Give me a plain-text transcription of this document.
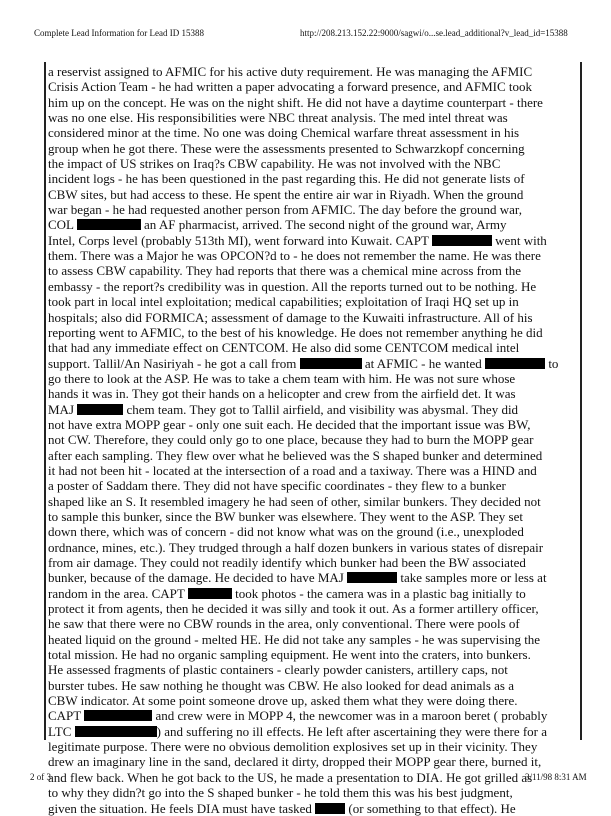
Complete Lead Information for Lead ID 15388	http://208.213.152.22:9000/sagwi/o...se.lead_additional?v_lead_id=15388
a reservist assigned to AFMIC for his active duty requirement. He was managing the AFMIC
Crisis Action Team - he had written a paper advocating a forward presence, and AFMIC took
him up on the concept. He was on the night shift. He did not have a daytime counterpart - there
was no one else. His responsibilities were NBC threat analysis. The med intel threat was
considered minor at the time. No one was doing Chemical warfare threat assessment in his
group when he got there. These were the assessments presented to Schwarzkopf concerning
the impact of US strikes on Iraq?s CBW capability. He was not involved with the NBC
incident logs - he has been questioned in the past regarding this. He did not generate lists of
CBW sites, but had access to these. He spent the entire air war in Riyadh. When the ground
war began - he had requested another person from AFMIC. The day before the ground war,
COL	an AF pharmacist, arrived. The second night of the ground war, Army
Intel, Corps level (probably 513th MI), went forward into Kuwait. CAPT	went with
them. There was a Major he was OPCON?d to - he does not remember the name. He was there
to assess CBW capability. They had reports that there was a chemical mine across from the
embassy - the report?s credibility was in question. All the reports turned out to be nothing. He
took part in local intel exploitation; medical capabilities; exploitation of Iraqi HQ set up in
hospitals; also did FORMICA; assessment of damage to the Kuwaiti infrastructure. All of his
reporting went to AFMIC, to the best of his knowledge. He does not remember anything he did
that had any immediate effect on CENTCOM. He also did some CENTCOM medical intel
support. Tallil/An Nasiriyah - he got a call from	at AFMIC - he wanted	to
go there to look at the ASP. He was to take a chem team with him. He was not sure whose
hands it was in. They got their hands on a helicopter and crew from the airfield det. It was
MAJ	chem team. They got to Tallil airfield, and visibility was abysmal. They did
not have extra MOPP gear - only one suit each. He decided that the important issue was BW,
not CW. Therefore, they could only go to one place, because they had to burn the MOPP gear
after each sampling. They flew over what he believed was the S shaped bunker and determined
it had not been hit - located at the intersection of a road and a taxiway. There was a HIND and
a poster of Saddam there. They did not have specific coordinates - they flew to a bunker
shaped like an S. It resembled imagery he had seen of other, similar bunkers. They decided not
to sample this bunker, since the BW bunker was elsewhere. They went to the ASP. They set
down there, which was of concern - did not know what was on the ground (i.e., unexploded
ordnance, mines, etc.). They trudged through a half dozen bunkers in various states of disrepair
from air damage. They could not readily identify which bunker had been the BW associated
bunker, because of the damage. He decided to have MAJ	take samples more or less at
random in the area. CAPT	took photos - the camera was in a plastic bag initially to
protect it from agents, then he decided it was silly and took it out. As a former artillery officer,
he saw that there were no CBW rounds in the area, only conventional. There were pools of
heated liquid on the ground - melted HE. He did not take any samples - he was supervising the
total mission. He had no organic sampling equipment. He went into the craters, into bunkers.
He assessed fragments of plastic containers - clearly powder canisters, artillery caps, not
burster tubes. He saw nothing he thought was CBW. He also looked for dead animals as a
CBW indicator. At some point someone drove up, asked them what they were doing there.
CAPT	and crew were in MOPP 4, the newcomer was in a maroon beret ( probably
LTC	) and suffering no ill effects. He left after ascertaining they were there for a
legitimate purpose. There were no obvious demolition explosives set up in their vicinity. They
drew an imaginary line in the sand, declared it dirty, dropped their MOPP gear there, burned it,
and flew back. When he got back to the US, he made a presentation to DIA. He got grilled as
to why they didn?t go into the S shaped bunker - he told them this was his best judgment,
given the situation. He feels DIA must have tasked  (or something to that effect). He
2 of 3	3/11/98 8:31 AM
